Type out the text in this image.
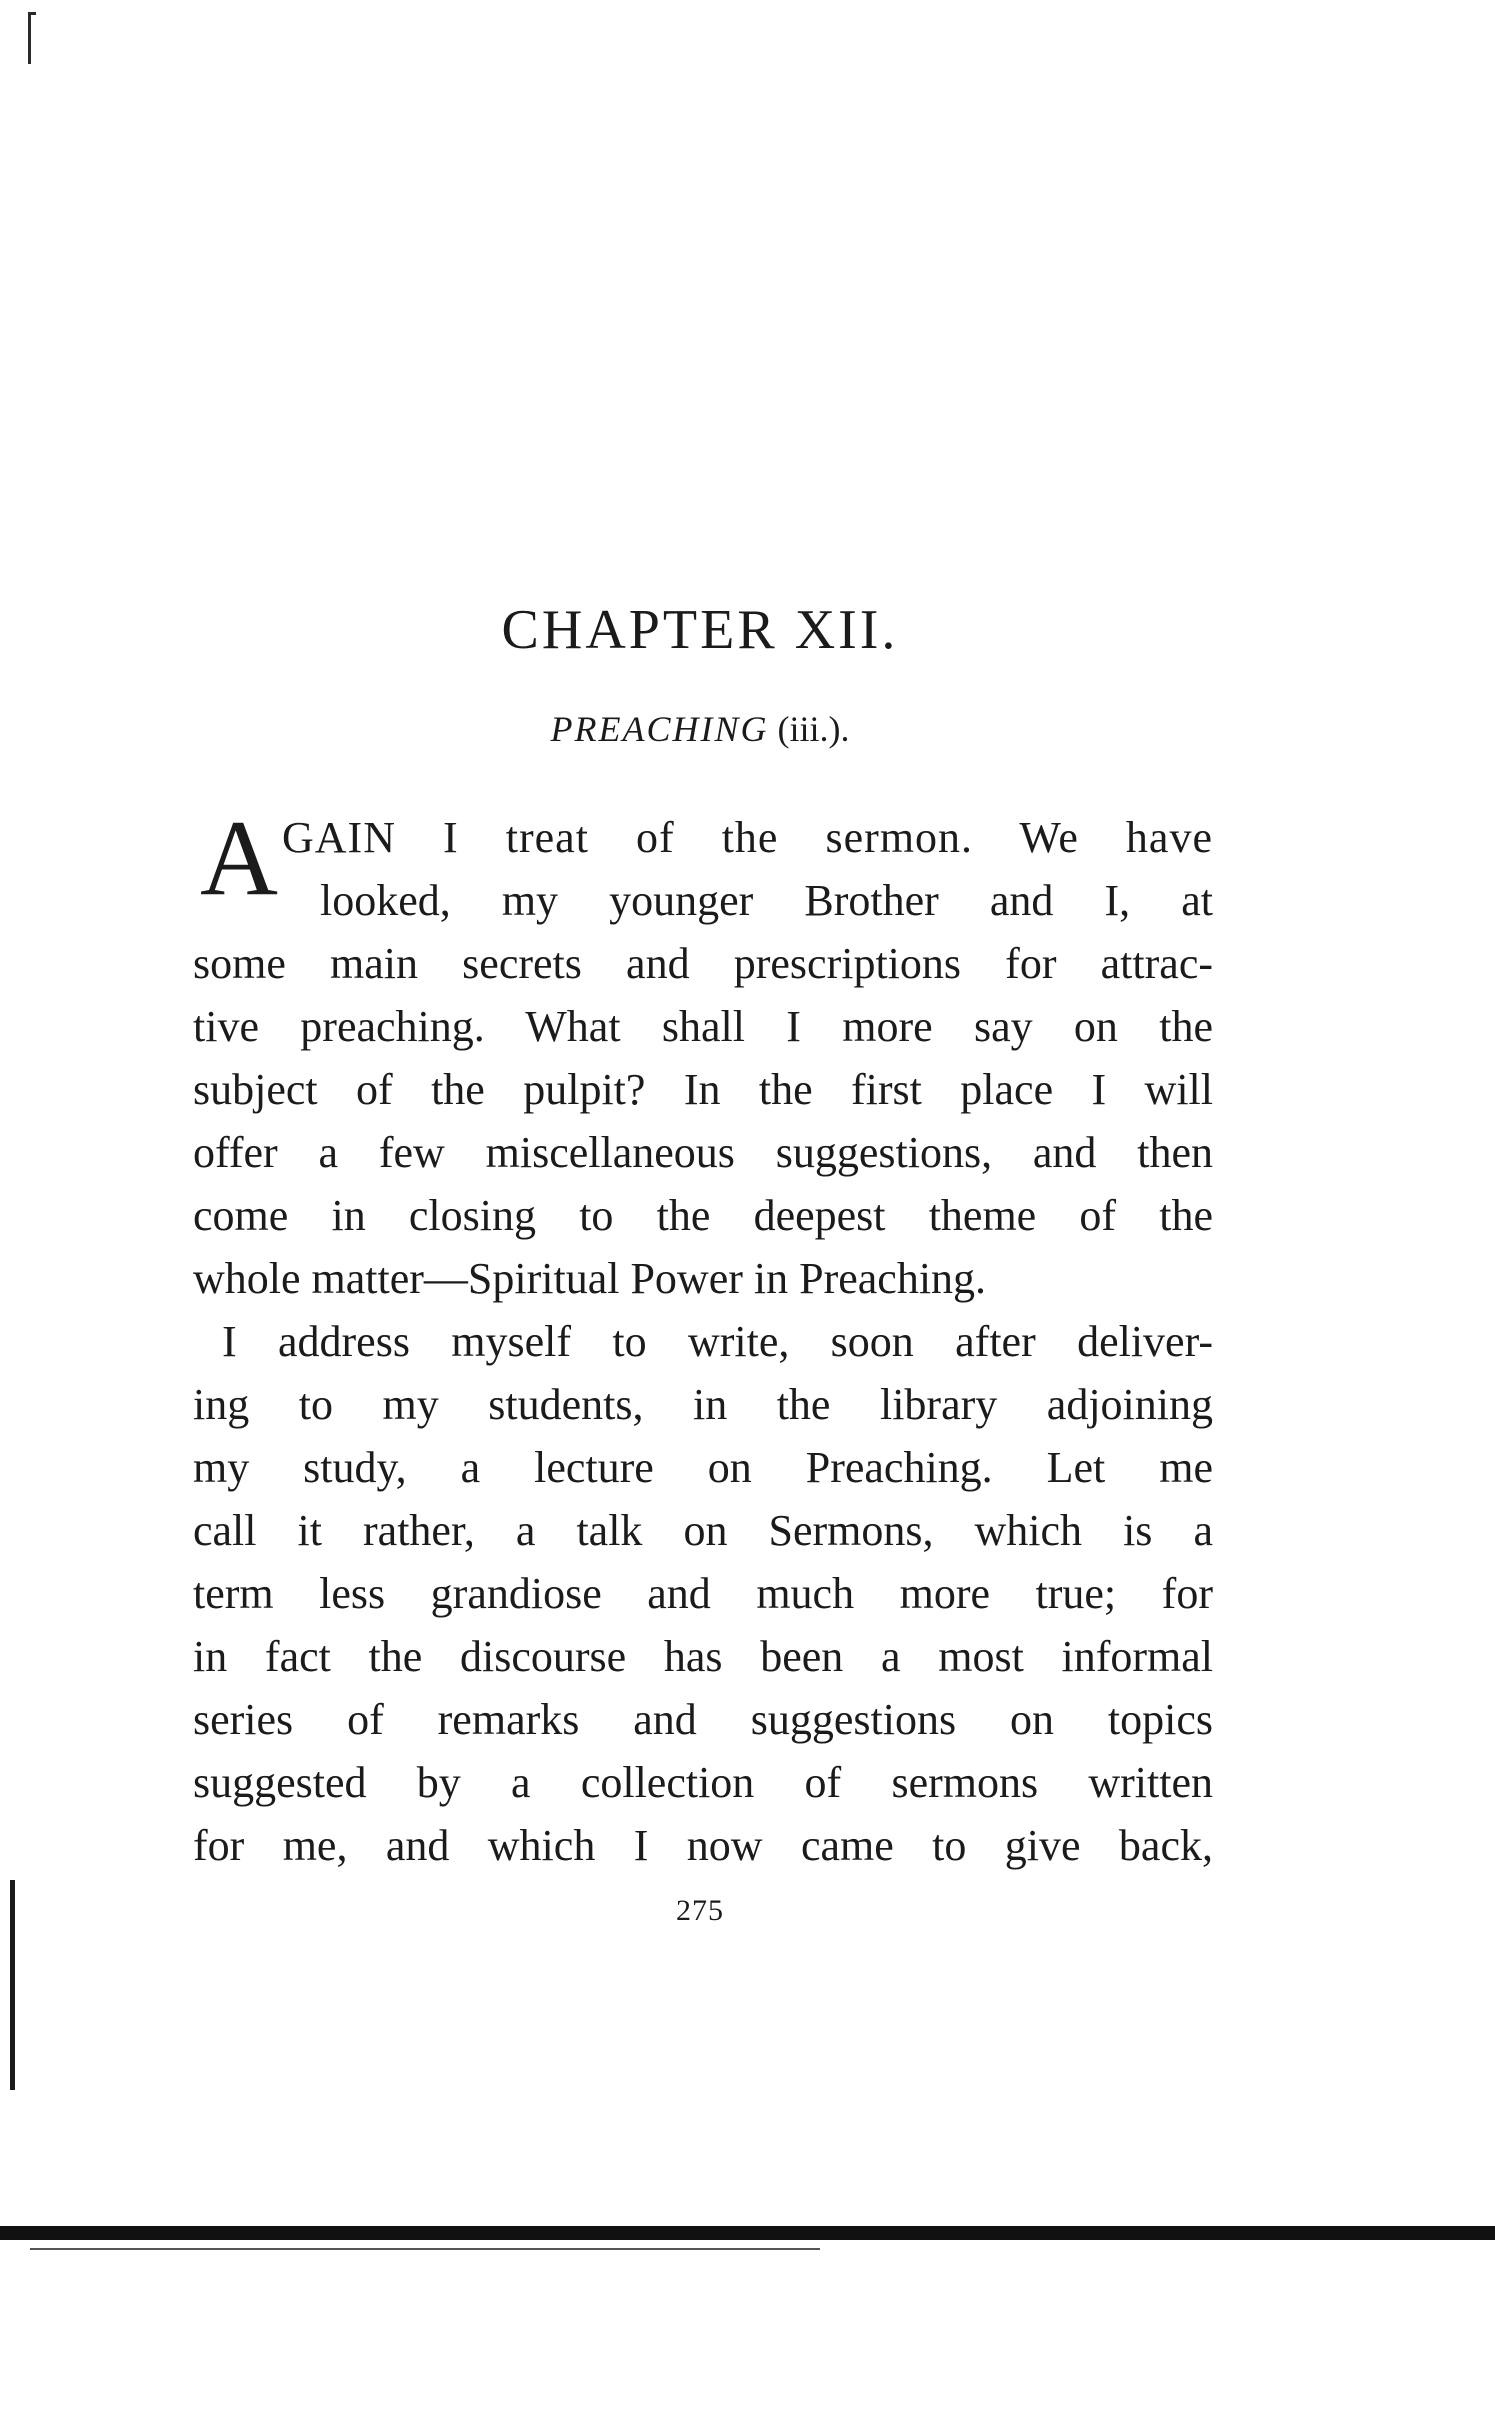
CHAPTER XII.
PREACHING (iii.).
A GAIN I treat of the sermon. We have
looked, my younger Brother and I, at
some main secrets and prescriptions for attrac-
tive preaching. What shall I more say on the
subject of the pulpit? In the first place I will
offer a few miscellaneous suggestions, and then
come in closing to the deepest theme of the
whole matter—Spiritual Power in Preaching.
I address myself to write, soon after deliver-
ing to my students, in the library adjoining
my study, a lecture on Preaching. Let me
call it rather, a talk on Sermons, which is a
term less grandiose and much more true; for
in fact the discourse has been a most informal
series of remarks and suggestions on topics
suggested by a collection of sermons written
for me, and which I now came to give back,
275
